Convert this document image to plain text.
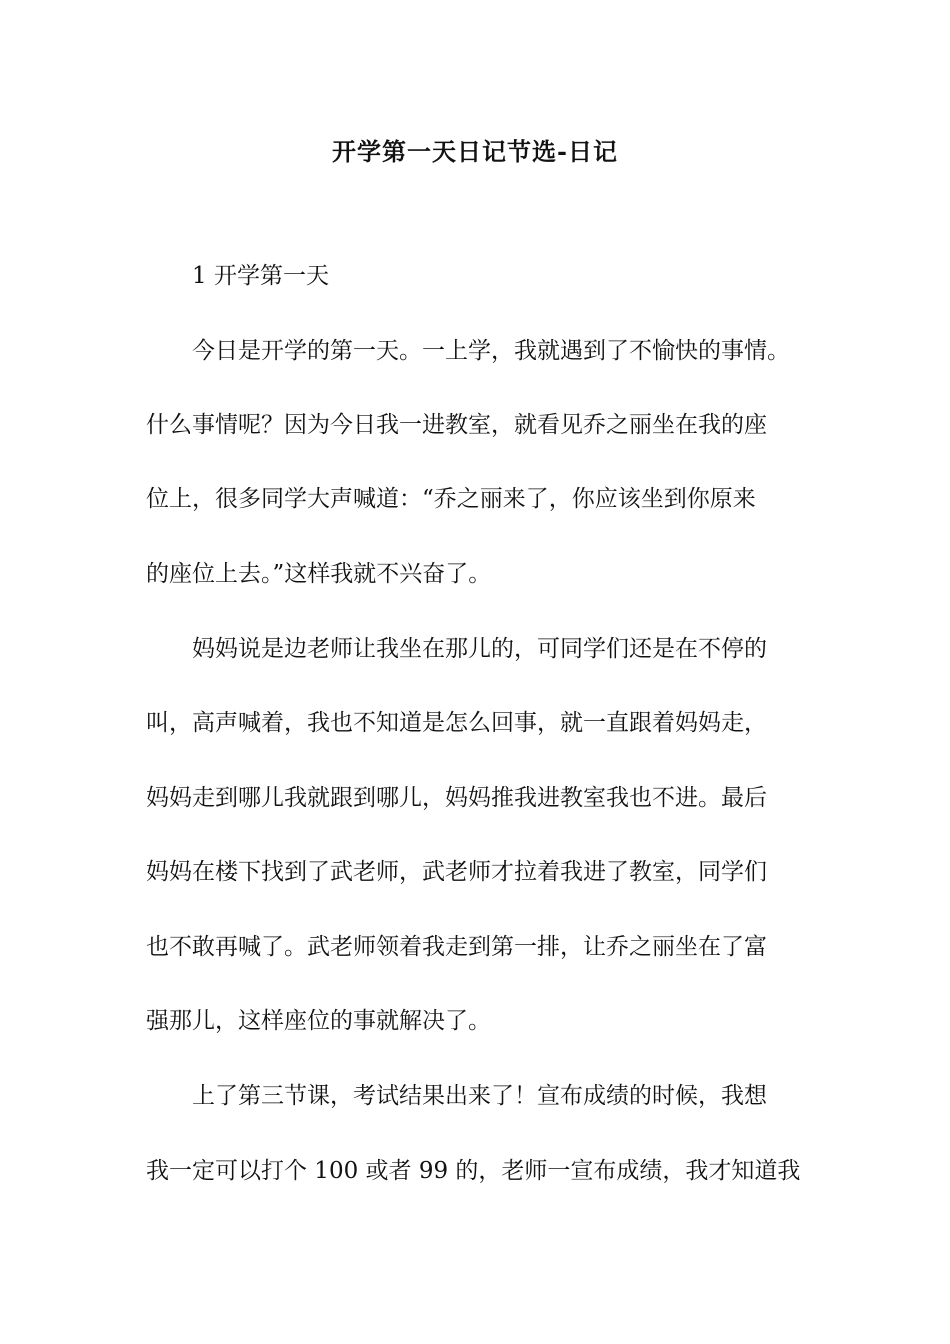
开学第一天日记节选-日记

1 开学第一天

今日是开学的第一天。一上学，我就遇到了不愉快的事情。

什么事情呢？因为今日我一进教室，就看见乔之丽坐在我的座

位上，很多同学大声喊道：“乔之丽来了，你应该坐到你原来

的座位上去。”这样我就不兴奋了。

妈妈说是边老师让我坐在那儿的，可同学们还是在不停的

叫，高声喊着，我也不知道是怎么回事，就一直跟着妈妈走，

妈妈走到哪儿我就跟到哪儿，妈妈推我进教室我也不进。最后

妈妈在楼下找到了武老师，武老师才拉着我进了教室，同学们

也不敢再喊了。武老师领着我走到第一排，让乔之丽坐在了富

强那儿，这样座位的事就解决了。

上了第三节课，考试结果出来了！宣布成绩的时候，我想

我一定可以打个 100 或者 99 的，老师一宣布成绩，我才知道我
